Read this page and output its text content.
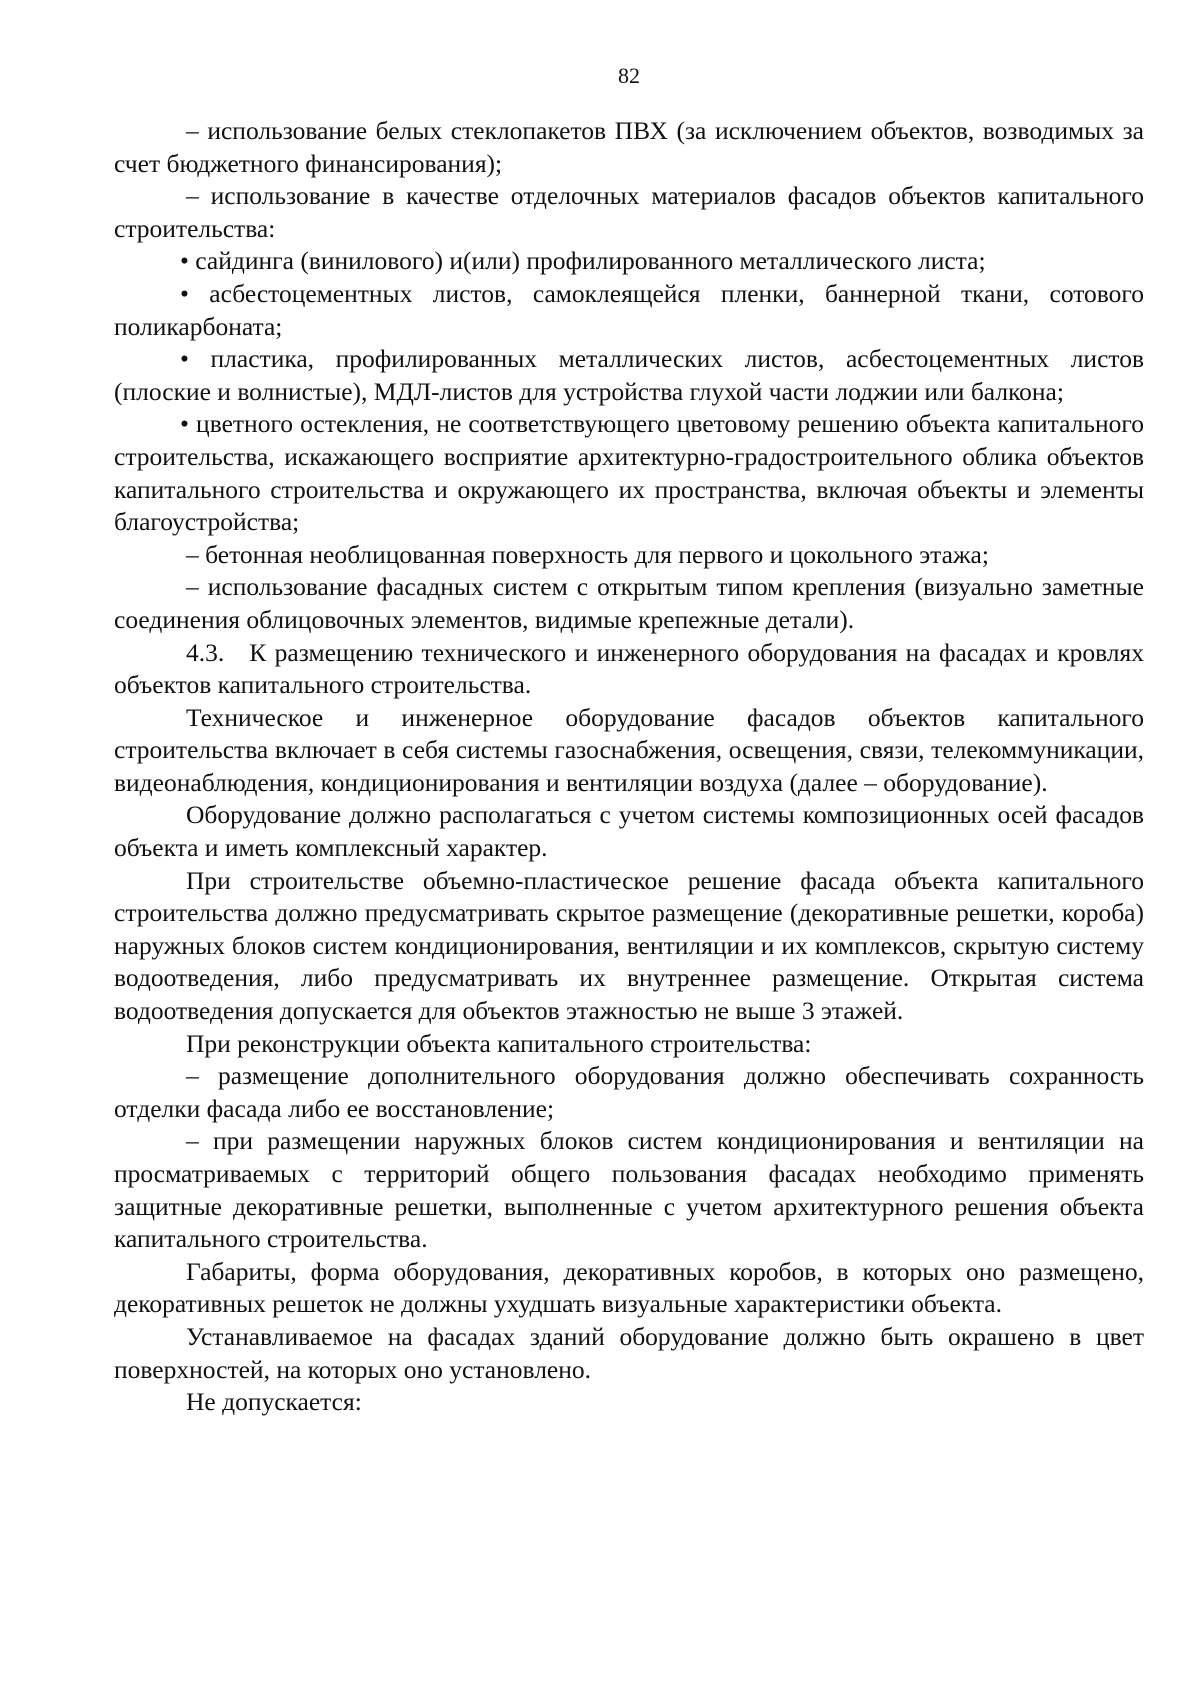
82

– использование белых стеклопакетов ПВХ (за исключением объектов, возводимых за счет бюджетного финансирования);

– использование в качестве отделочных материалов фасадов объектов капитального строительства:

• сайдинга (винилового) и(или) профилированного металлического листа;

• асбестоцементных листов, самоклеящейся пленки, баннерной ткани, сотового поликарбоната;

• пластика, профилированных металлических листов, асбестоцементных листов (плоские и волнистые), МДЛ-листов для устройства глухой части лоджии или балкона;

• цветного остекления, не соответствующего цветовому решению объекта капитального строительства, искажающего восприятие архитектурно-градостроительного облика объектов капитального строительства и окружающего их пространства, включая объекты и элементы благоустройства;

– бетонная необлицованная поверхность для первого и цокольного этажа;

– использование фасадных систем с открытым типом крепления (визуально заметные соединения облицовочных элементов, видимые крепежные детали).

4.3.   К размещению технического и инженерного оборудования на фасадах и кровлях объектов капитального строительства.

Техническое и инженерное оборудование фасадов объектов капитального строительства включает в себя системы газоснабжения, освещения, связи, телекоммуникации, видеонаблюдения, кондиционирования и вентиляции воздуха (далее – оборудование).

Оборудование должно располагаться с учетом системы композиционных осей фасадов объекта и иметь комплексный характер.

При строительстве объемно-пластическое решение фасада объекта капитального строительства должно предусматривать скрытое размещение (декоративные решетки, короба) наружных блоков систем кондиционирования, вентиляции и их комплексов, скрытую систему водоотведения, либо предусматривать их внутреннее размещение. Открытая система водоотведения допускается для объектов этажностью не выше 3 этажей.

При реконструкции объекта капитального строительства:

– размещение дополнительного оборудования должно обеспечивать сохранность отделки фасада либо ее восстановление;

– при размещении наружных блоков систем кондиционирования и вентиляции на просматриваемых с территорий общего пользования фасадах необходимо применять защитные декоративные решетки, выполненные с учетом архитектурного решения объекта капитального строительства.

Габариты, форма оборудования, декоративных коробов, в которых оно размещено, декоративных решеток не должны ухудшать визуальные характеристики объекта.

Устанавливаемое на фасадах зданий оборудование должно быть окрашено в цвет поверхностей, на которых оно установлено.

Не допускается:
